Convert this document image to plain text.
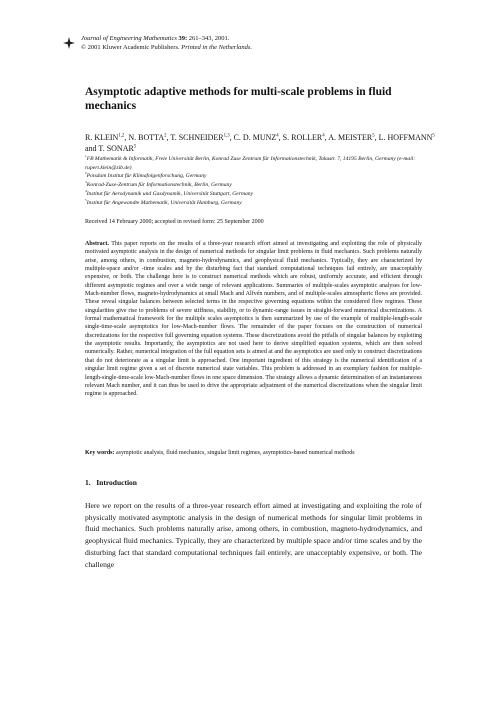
Journal of Engineering Mathematics 39: 261–343, 2001.
© 2001 Kluwer Academic Publishers. Printed in the Netherlands.
Asymptotic adaptive methods for multi-scale problems in fluid mechanics
R. KLEIN$^{1,2}$, N. BOTTA$^2$, T. SCHNEIDER$^{1,3}$, C. D. MUNZ$^4$, S. ROLLER$^4$, A. MEISTER$^5$, L. HOFFMANN$^5$ and T. SONAR$^5$
$^1$FB Mathematik & Informatik, Freie Universität Berlin, Konrad Zuse Zentrum für Informationstechnik, Takustr. 7, 14195 Berlin, Germany (e-mail: rupert.klein@zib.de)
$^2$Potsdam Institut für Klimafolgenforschung, Germany
$^3$Konrad-Zuse-Zentrum für Informationstechnik, Berlin, Germany
$^4$Institut für Aerodynamik und Gasdynamik, Universität Stuttgart, Germany
$^5$Institut für Angewandte Mathematik, Universität Hamburg, Germany
Received 14 February 2000; accepted in revised form: 25 September 2000
Abstract. This paper reports on the results of a three-year research effort aimed at investigating and exploiting the role of physically motivated asymptotic analysis in the design of numerical methods for singular limit problems in fluid mechanics. Such problems naturally arise, among others, in combustion, magneto-hydrodynamics, and geophysical fluid mechanics. Typically, they are characterized by multiple-space and/or -time scales and by the disturbing fact that standard computational techniques fail entirely, are unacceptably expensive, or both. The challenge here is to construct numerical methods which are robust, uniformly accurate, and efficient through different asymptotic regimes and over a wide range of relevant applications. Summaries of multiple-scales asymptotic analyses for low-Mach-number flows, magneto-hydrodynamics at small Mach and Alfvén numbers, and of multiple-scales atmospheric flows are provided. These reveal singular balances between selected terms in the respective governing equations within the considered flow regimes. These singularities give rise to problems of severe stiffness, stability, or to dynamic-range issues in straight-forward numerical discretizations. A formal mathematical framework for the multiple scales asymptotics is then summarized by use of the example of multiple-length-scale single-time-scale asymptotics for low-Mach-number flows. The remainder of the paper focuses on the construction of numerical discretizations for the respective full governing equation systems. These discretizations avoid the pitfalls of singular balances by exploiting the asymptotic results. Importantly, the asymptotics are not used here to derive simplified equation systems, which are then solved numerically. Rather, numerical integration of the full equation sets is aimed at and the asymptotics are used only to construct discretizations that do not deteriorate as a singular limit is approached. One important ingredient of this strategy is the numerical identification of a singular limit regime given a set of discrete numerical state variables. This problem is addressed in an exemplary fashion for multiple-length-single-time-scale low-Mach-number flows in one space dimension. The strategy allows a dynamic determination of an instantaneous relevant Mach number, and it can thus be used to drive the appropriate adjustment of the numerical discretizations when the singular limit regime is approached.
Key words: asymptotic analysis, fluid mechanics, singular limit regimes, asymptotics-based numerical methods
1. Introduction
Here we report on the results of a three-year research effort aimed at investigating and exploiting the role of physically motivated asymptotic analysis in the design of numerical methods for singular limit problems in fluid mechanics. Such problems naturally arise, among others, in combustion, magneto-hydrodynamics, and geophysical fluid mechanics. Typically, they are characterized by multiple space and/or time scales and by the disturbing fact that standard computational techniques fail entirely, are unacceptably expensive, or both. The challenge
